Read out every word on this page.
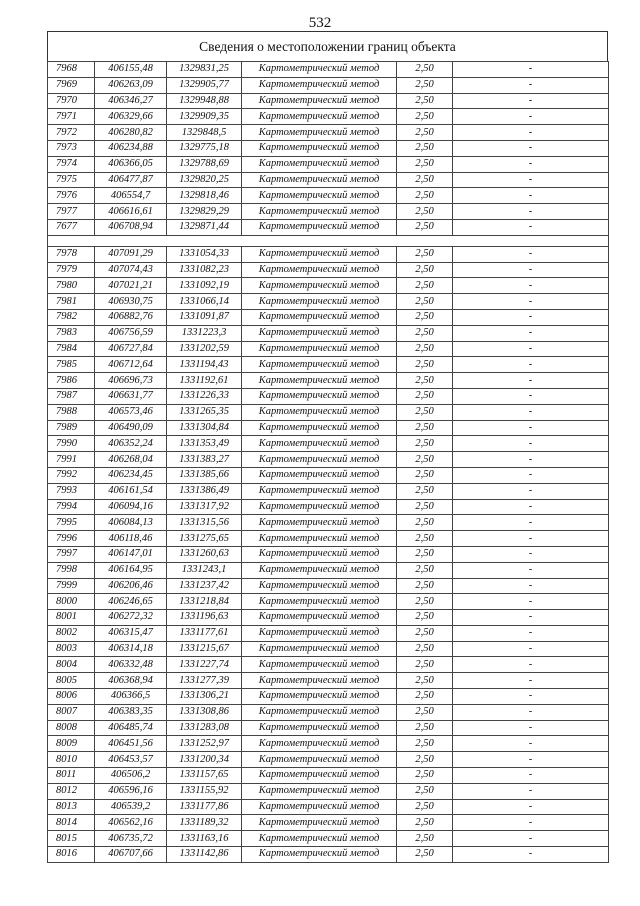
532
Сведения о местоположении границ объекта
7968	406155,48	1329831,25	Картометрический метод	2,50	-
7969	406263,09	1329905,77	Картометрический метод	2,50	-
7970	406346,27	1329948,88	Картометрический метод	2,50	-
7971	406329,66	1329909,35	Картометрический метод	2,50	-
7972	406280,82	1329848,5	Картометрический метод	2,50	-
7973	406234,88	1329775,18	Картометрический метод	2,50	-
7974	406366,05	1329788,69	Картометрический метод	2,50	-
7975	406477,87	1329820,25	Картометрический метод	2,50	-
7976	406554,7	1329818,46	Картометрический метод	2,50	-
7977	406616,61	1329829,29	Картометрический метод	2,50	-
7677	406708,94	1329871,44	Картометрический метод	2,50	-

7978	407091,29	1331054,33	Картометрический метод	2,50	-
7979	407074,43	1331082,23	Картометрический метод	2,50	-
7980	407021,21	1331092,19	Картометрический метод	2,50	-
7981	406930,75	1331066,14	Картометрический метод	2,50	-
7982	406882,76	1331091,87	Картометрический метод	2,50	-
7983	406756,59	1331223,3	Картометрический метод	2,50	-
7984	406727,84	1331202,59	Картометрический метод	2,50	-
7985	406712,64	1331194,43	Картометрический метод	2,50	-
7986	406696,73	1331192,61	Картометрический метод	2,50	-
7987	406631,77	1331226,33	Картометрический метод	2,50	-
7988	406573,46	1331265,35	Картометрический метод	2,50	-
7989	406490,09	1331304,84	Картометрический метод	2,50	-
7990	406352,24	1331353,49	Картометрический метод	2,50	-
7991	406268,04	1331383,27	Картометрический метод	2,50	-
7992	406234,45	1331385,66	Картометрический метод	2,50	-
7993	406161,54	1331386,49	Картометрический метод	2,50	-
7994	406094,16	1331317,92	Картометрический метод	2,50	-
7995	406084,13	1331315,56	Картометрический метод	2,50	-
7996	406118,46	1331275,65	Картометрический метод	2,50	-
7997	406147,01	1331260,63	Картометрический метод	2,50	-
7998	406164,95	1331243,1	Картометрический метод	2,50	-
7999	406206,46	1331237,42	Картометрический метод	2,50	-
8000	406246,65	1331218,84	Картометрический метод	2,50	-
8001	406272,32	1331196,63	Картометрический метод	2,50	-
8002	406315,47	1331177,61	Картометрический метод	2,50	-
8003	406314,18	1331215,67	Картометрический метод	2,50	-
8004	406332,48	1331227,74	Картометрический метод	2,50	-
8005	406368,94	1331277,39	Картометрический метод	2,50	-
8006	406366,5	1331306,21	Картометрический метод	2,50	-
8007	406383,35	1331308,86	Картометрический метод	2,50	-
8008	406485,74	1331283,08	Картометрический метод	2,50	-
8009	406451,56	1331252,97	Картометрический метод	2,50	-
8010	406453,57	1331200,34	Картометрический метод	2,50	-
8011	406506,2	1331157,65	Картометрический метод	2,50	-
8012	406596,16	1331155,92	Картометрический метод	2,50	-
8013	406539,2	1331177,86	Картометрический метод	2,50	-
8014	406562,16	1331189,32	Картометрический метод	2,50	-
8015	406735,72	1331163,16	Картометрический метод	2,50	-
8016	406707,66	1331142,86	Картометрический метод	2,50	-
